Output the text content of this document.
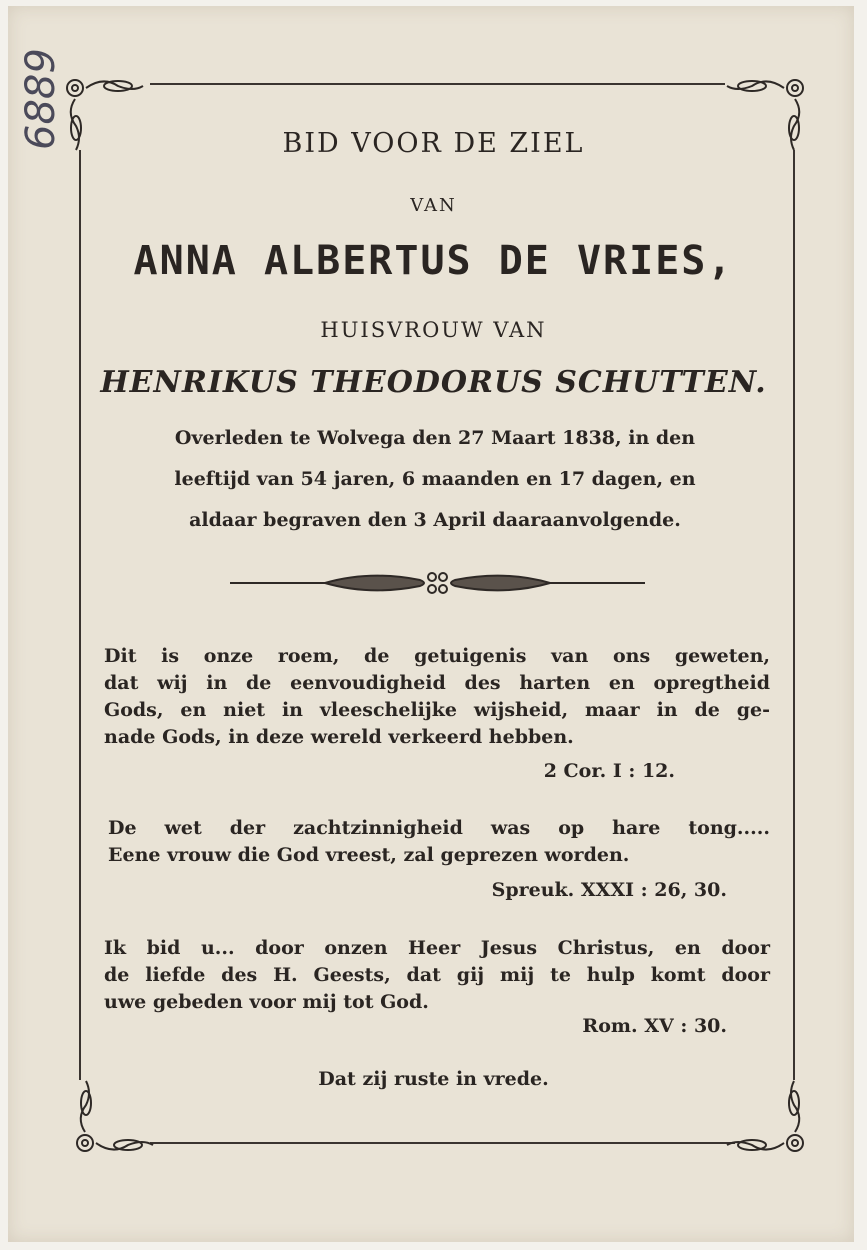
6889	BID VOOR DE ZIEL
VAN
ANNA ALBERTUS DE VRIES,
HUISVROUW VAN
HENRIKUS THEODORUS SCHUTTEN.
Overleden te Wolvega den 27 Maart 1838, in den
leeftijd van 54 jaren, 6 maanden en 17 dagen, en
aldaar begraven den 3 April daaraanvolgende.
Dit is onze roem, de getuigenis van ons geweten,
dat wij in de eenvoudigheid des harten en opregtheid
Gods, en niet in vleeschelijke wijsheid, maar in de ge-
nade Gods, in deze wereld verkeerd hebben.
2 Cor. I : 12.
De wet der zachtzinnigheid was op hare tong.....
Eene vrouw die God vreest, zal geprezen worden.
Spreuk. XXXI : 26, 30.
Ik bid u... door onzen Heer Jesus Christus, en door
de liefde des H. Geests, dat gij mij te hulp komt door
uwe gebeden voor mij tot God.
Rom. XV : 30.
Dat zij ruste in vrede.
